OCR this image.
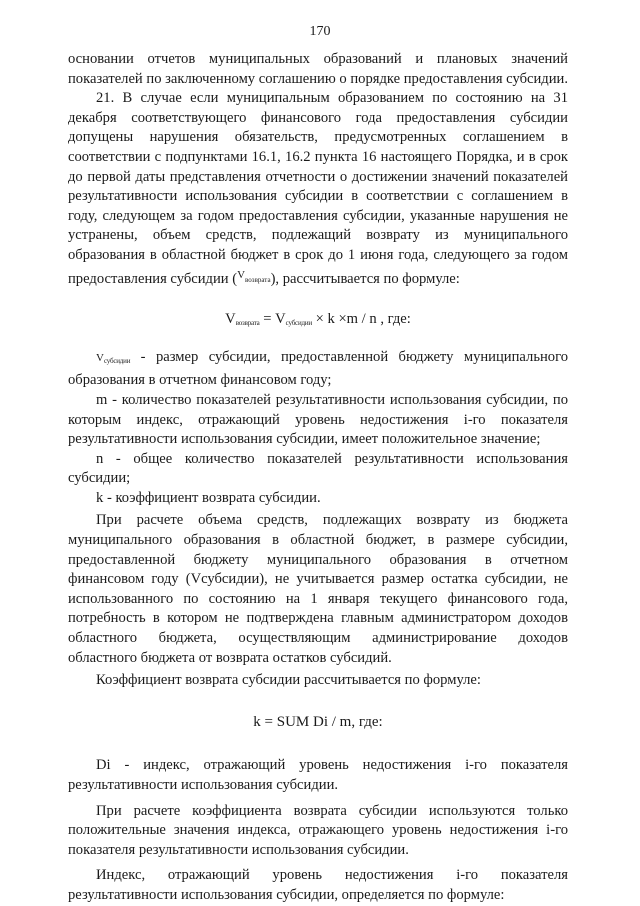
170

основании отчетов муниципальных образований и плановых значений показателей по заключенному соглашению о порядке предоставления субсидии.

21. В случае если муниципальным образованием по состоянию на 31 декабря соответствующего финансового года предоставления субсидии допущены нарушения обязательств, предусмотренных соглашением в соответствии с подпунктами 16.1, 16.2 пункта 16 настоящего Порядка, и в срок до первой даты представления отчетности о достижении значений показателей результативности использования субсидии в соответствии с соглашением в году, следующем за годом предоставления субсидии, указанные нарушения не устранены, объем средств, подлежащий возврату из муниципального образования в областной бюджет в срок до 1 июня года, следующего за годом предоставления субсидии ($^V$возврата), рассчитывается по формуле:

$V_{возврата} = V_{субсидии} \times k \times m / n$ , где:

$V_{субсидии}$ - размер субсидии, предоставленной бюджету муниципального образования в отчетном финансовом году;

m - количество показателей результативности использования субсидии, по которым индекс, отражающий уровень недостижения i-го показателя результативности использования субсидии, имеет положительное значение;

n - общее количество показателей результативности использования субсидии;

k - коэффициент возврата субсидии.

При расчете объема средств, подлежащих возврату из бюджета муниципального образования в областной бюджет, в размере субсидии, предоставленной бюджету муниципального образования в отчетном финансовом году (Vсубсидии), не учитывается размер остатка субсидии, не использованного по состоянию на 1 января текущего финансового года, потребность в котором не подтверждена главным администратором доходов областного бюджета, осуществляющим администрирование доходов областного бюджета от возврата остатков субсидий.

Коэффициент возврата субсидии рассчитывается по формуле:

k = SUM Di / m, где:

Di - индекс, отражающий уровень недостижения i-го показателя результативности использования субсидии.

При расчете коэффициента возврата субсидии используются только положительные значения индекса, отражающего уровень недостижения i-го показателя результативности использования субсидии.

Индекс, отражающий уровень недостижения i-го показателя результативности использования субсидии, определяется по формуле:
